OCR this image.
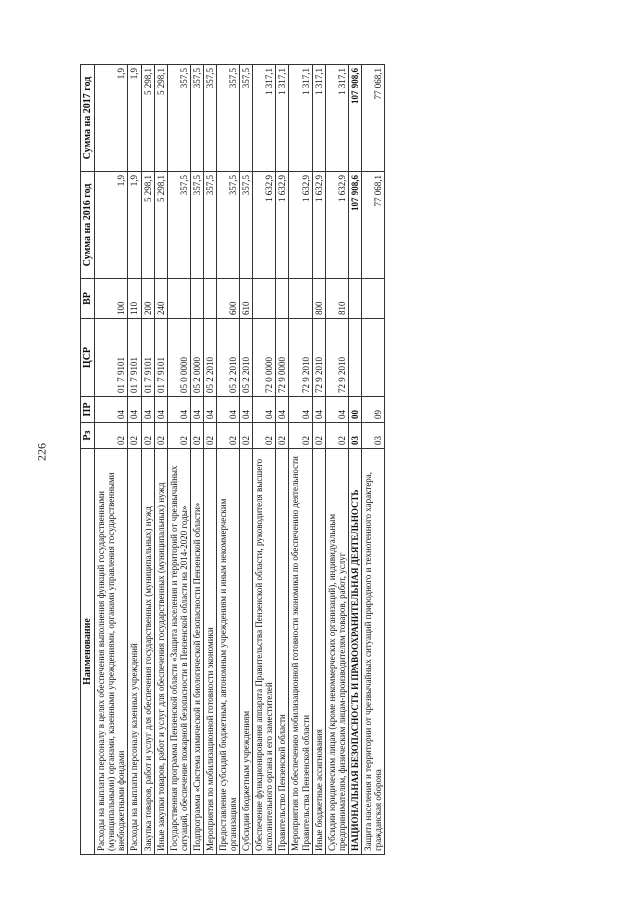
226
Наименование	Рз	ПР	ЦСР	ВР	Сумма на 2016 год	Сумма на 2017 год
Расходы на выплаты персоналу в целях обеспечения выполнения функций государственными (муниципальными) органами, казенными учреждениями, органами управления государственными внебюджетными фондами	02	04	01 7 9101	100	1,9	1,9
Расходы на выплаты персоналу казенных учреждений	02	04	01 7 9101	110	1,9	1,9
Закупка товаров, работ и услуг для обеспечения государственных (муниципальных) нужд	02	04	01 7 9101	200	5 298,1	5 298,1
Иные закупки товаров, работ и услуг для обеспечения государственных (муниципальных) нужд	02	04	01 7 9101	240	5 298,1	5 298,1
Государственная программа Пензенской области «Защита населения и территорий от чрезвычайных ситуаций, обеспечение пожарной безопасности в Пензенской области на 2014-2020 годы»	02	04	05 0 0000		357,5	357,5
Подпрограмма «Система химической и биологической безопасности Пензенской области»	02	04	05 2 0000		357,5	357,5
Мероприятия по мобилизационной готовности экономики	02	04	05 2 2010		357,5	357,5
Предоставление субсидий бюджетным, автономным учреждениям и иным некоммерческим организациям	02	04	05 2 2010	600	357,5	357,5
Субсидии бюджетным учреждениям	02	04	05 2 2010	610	357,5	357,5
Обеспечение функционирования аппарата Правительства Пензенской области, руководителя высшего исполнительного органа и его заместителей	02	04	72 0 0000		1 632,9	1 317,1
Правительство Пензенской области	02	04	72 9 0000		1 632,9	1 317,1
Мероприятия по обеспечению мобилизационной готовности экономики по обеспечению деятельности Правительства Пензенской области	02	04	72 9 2010		1 632,9	1 317,1
Иные бюджетные ассигнования	02	04	72 9 2010	800	1 632,9	1 317,1
Субсидии юридическим лицам (кроме некоммерческих организаций), индивидуальным предпринимателям, физическим лицам-производителям товаров, работ, услуг	02	04	72 9 2010	810	1 632,9	1 317,1
НАЦИОНАЛЬНАЯ БЕЗОПАСНОСТЬ И ПРАВООХРАНИТЕЛЬНАЯ ДЕЯТЕЛЬНОСТЬ	03	00			107 908,6	107 908,6
Защита населения и территории от чрезвычайных ситуаций природного и техногенного характера, гражданская оборона	03	09			77 068,1	77 068,1
